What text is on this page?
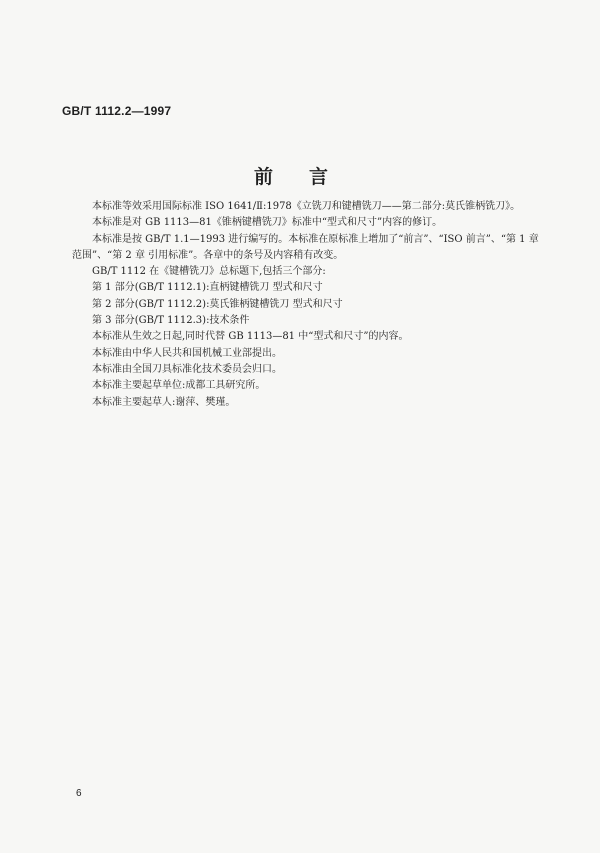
GB/T 1112.2—1997
前言

本标准等效采用国际标准 ISO 1641/Ⅱ:1978《立铣刀和键槽铣刀——第二部分:莫氏锥柄铣刀》。

本标准是对 GB 1113—81《锥柄键槽铣刀》标准中“型式和尺寸”内容的修订。

本标准是按 GB/T 1.1—1993 进行编写的。本标准在原标准上增加了“前言”、“ISO 前言”、“第 1 章

范围”、“第 2 章 引用标准”。各章中的条号及内容稍有改变。

GB/T 1112 在《键槽铣刀》总标题下,包括三个部分:

第 1 部分(GB/T 1112.1):直柄键槽铣刀 型式和尺寸

第 2 部分(GB/T 1112.2):莫氏锥柄键槽铣刀 型式和尺寸

第 3 部分(GB/T 1112.3):技术条件

本标准从生效之日起,同时代替 GB 1113—81 中“型式和尺寸”的内容。

本标准由中华人民共和国机械工业部提出。

本标准由全国刀具标准化技术委员会归口。

本标准主要起草单位:成都工具研究所。

本标准主要起草人:谢萍、樊瑾。

6
